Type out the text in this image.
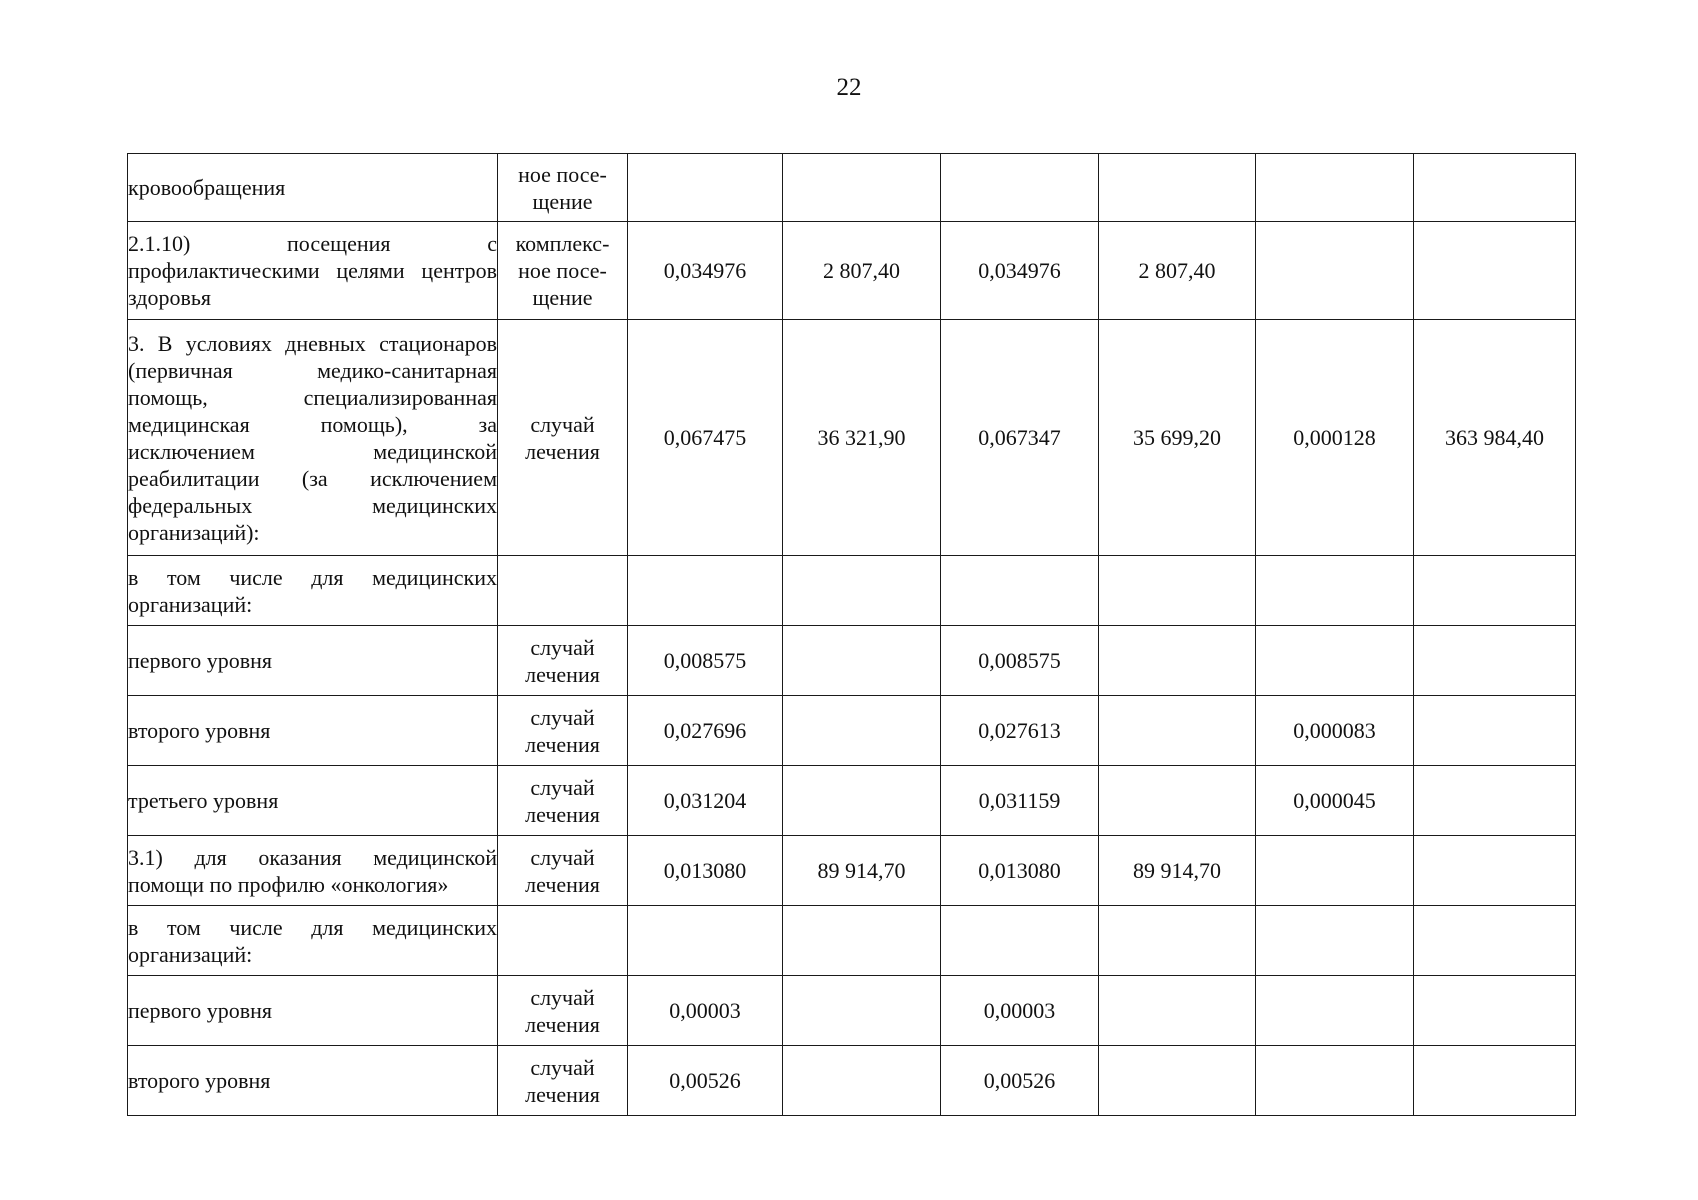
22
кровообращения	ное посе-
щение						

2.1.10) посещения с профилактическими целями центров здоровья	комплекс-
ное посе-
щение	0,034976	2 807,40	0,034976	2 807,40		

3. В условиях дневных стационаров (первичная медико-санитарная помощь, специализированная медицинская помощь), за исключением медицинской реабилитации (за исключением федеральных медицинских организаций):	случай
лечения	0,067475	36 321,90	0,067347	35 699,20	0,000128	363 984,40

в том числе для медицинских организаций:							

первого уровня	случай
лечения	0,008575		0,008575			

второго уровня	случай
лечения	0,027696		0,027613		0,000083	

третьего уровня	случай
лечения	0,031204		0,031159		0,000045	

3.1) для оказания медицинской помощи по профилю «онкология»	случай
лечения	0,013080	89 914,70	0,013080	89 914,70		

в том числе для медицинских организаций:							

первого уровня	случай
лечения	0,00003		0,00003			

второго уровня	случай
лечения	0,00526		0,00526			
